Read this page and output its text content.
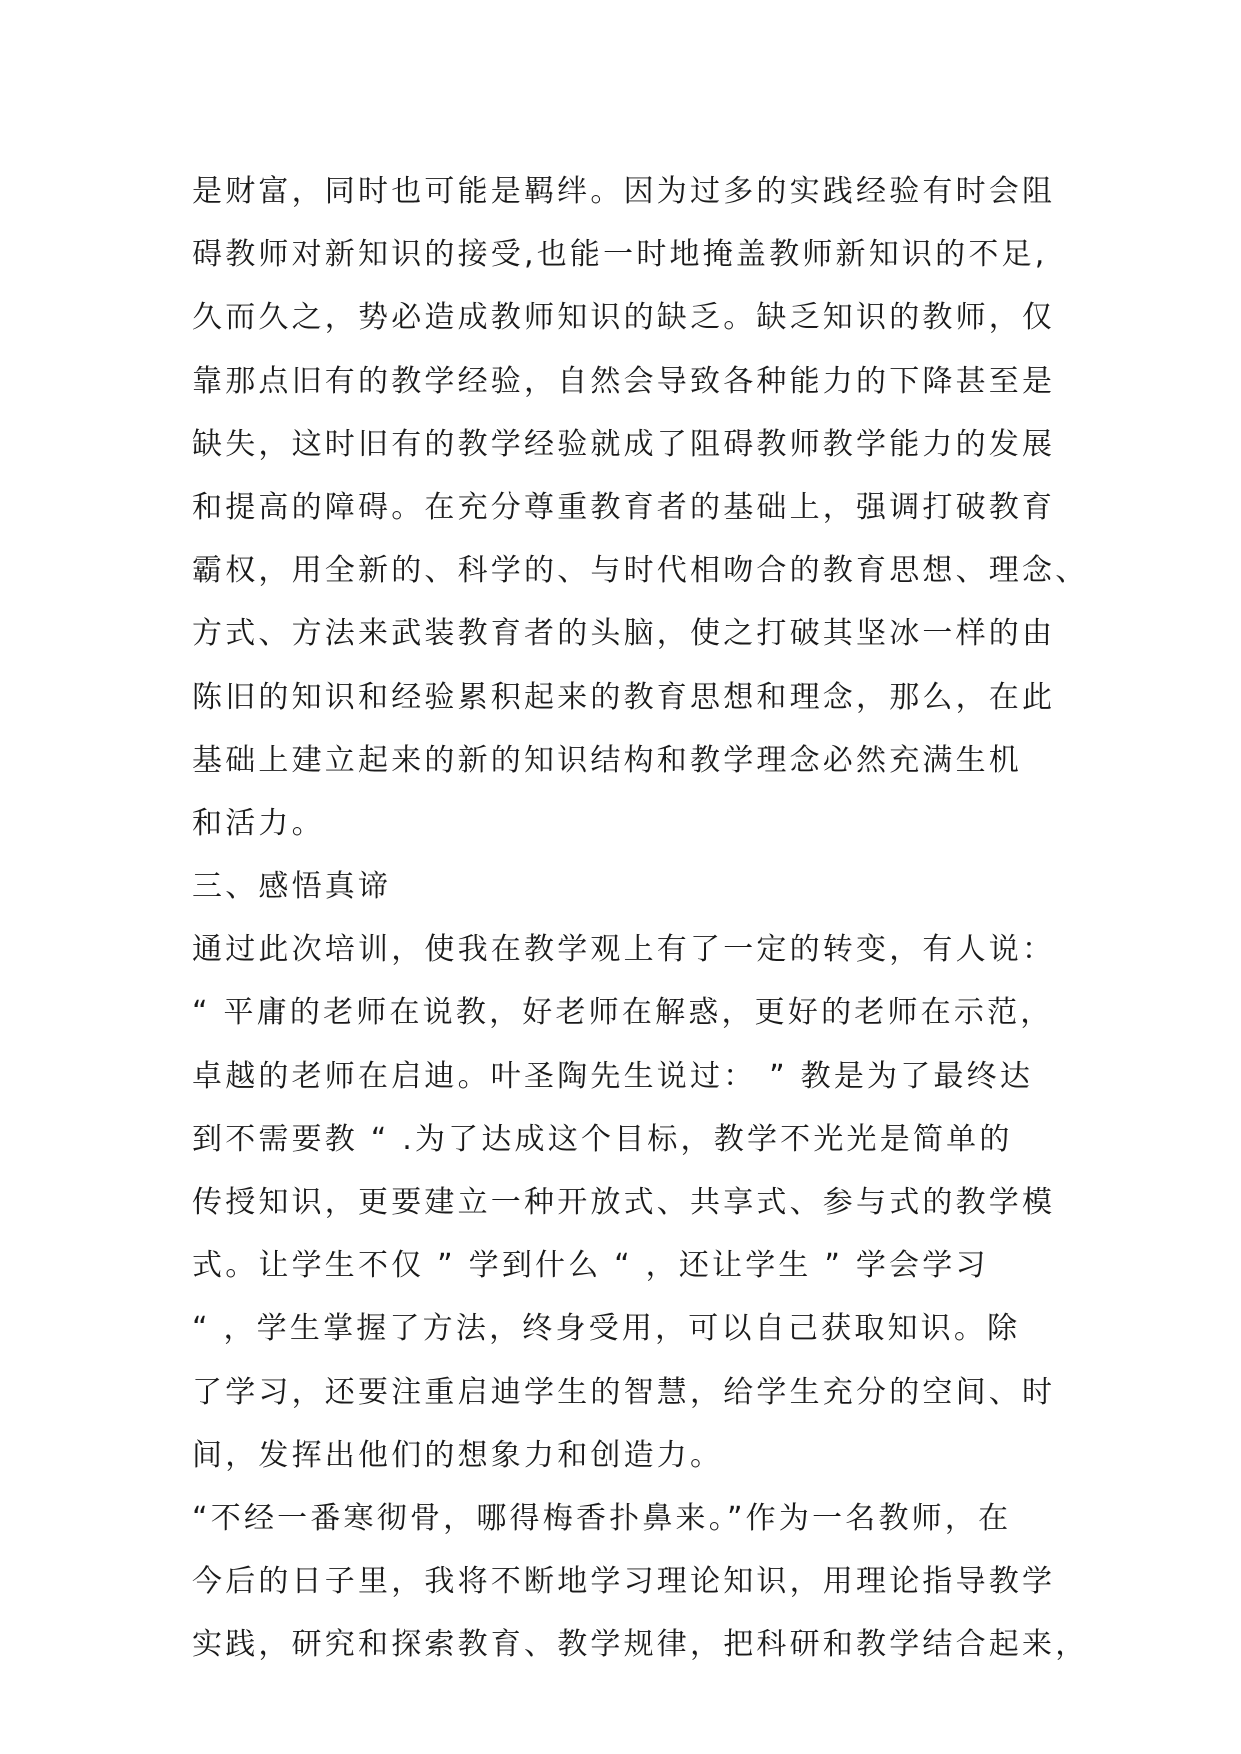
是财富，同时也可能是羁绊。因为过多的实践经验有时会阻
碍教师对新知识的接受,也能一时地掩盖教师新知识的不足,
久而久之，势必造成教师知识的缺乏。缺乏知识的教师，仅
靠那点旧有的教学经验，自然会导致各种能力的下降甚至是
缺失，这时旧有的教学经验就成了阻碍教师教学能力的发展
和提高的障碍。在充分尊重教育者的基础上，强调打破教育
霸权，用全新的、科学的、与时代相吻合的教育思想、理念、
方式、方法来武装教育者的头脑，使之打破其坚冰一样的由
陈旧的知识和经验累积起来的教育思想和理念，那么，在此
基础上建立起来的新的知识结构和教学理念必然充满生机
和活力。
三、感悟真谛
通过此次培训，使我在教学观上有了一定的转变，有人说：
“ 平庸的老师在说教，好老师在解惑，更好的老师在示范，
卓越的老师在启迪。叶圣陶先生说过： ” 教是为了最终达
到不需要教 “ .为了达成这个目标，教学不光光是简单的
传授知识，更要建立一种开放式、共享式、参与式的教学模
式。让学生不仅 ” 学到什么 “ ，还让学生 ” 学会学习
“ ，学生掌握了方法，终身受用，可以自己获取知识。除
了学习，还要注重启迪学生的智慧，给学生充分的空间、时
间，发挥出他们的想象力和创造力。
“不经一番寒彻骨，哪得梅香扑鼻来。”作为一名教师，在
今后的日子里，我将不断地学习理论知识，用理论指导教学
实践，研究和探索教育、教学规律，把科研和教学结合起来，
